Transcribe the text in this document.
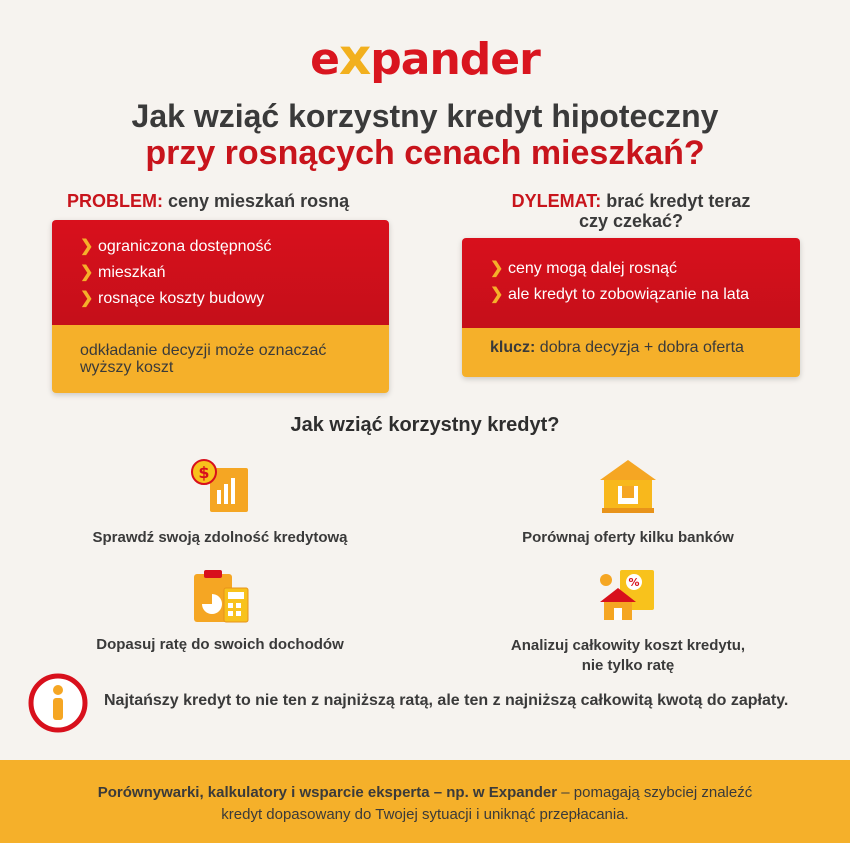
expander
Jak wziąć korzystny kredyt hipoteczny
przy rosnących cenach mieszkań?
PROBLEM: ceny mieszkań rosną
❯ ograniczona dostępność
❯ mieszkań
❯ rosnące koszty budowy
odkładanie decyzji może oznaczać wyższy koszt
DYLEMAT: brać kredyt teraz
czy czekać?
❯ ceny mogą dalej rosnąć
❯ ale kredyt to zobowiązanie na lata
klucz: dobra decyzja + dobra oferta
Jak wziąć korzystny kredyt?
$
%
Sprawdź swoją zdolność kredytową	Porównaj oferty kilku banków
Dopasuj ratę do swoich dochodów	Analizuj całkowity koszt kredytu,
nie tylko ratę
Najtańszy kredyt to nie ten z najniższą ratą, ale ten z najniższą całkowitą kwotą do zapłaty.

Porównywarki, kalkulatory i wsparcie eksperta – np. w Expander – pomagają szybciej znaleźć

kredyt dopasowany do Twojej sytuacji i uniknąć przepłacania.
